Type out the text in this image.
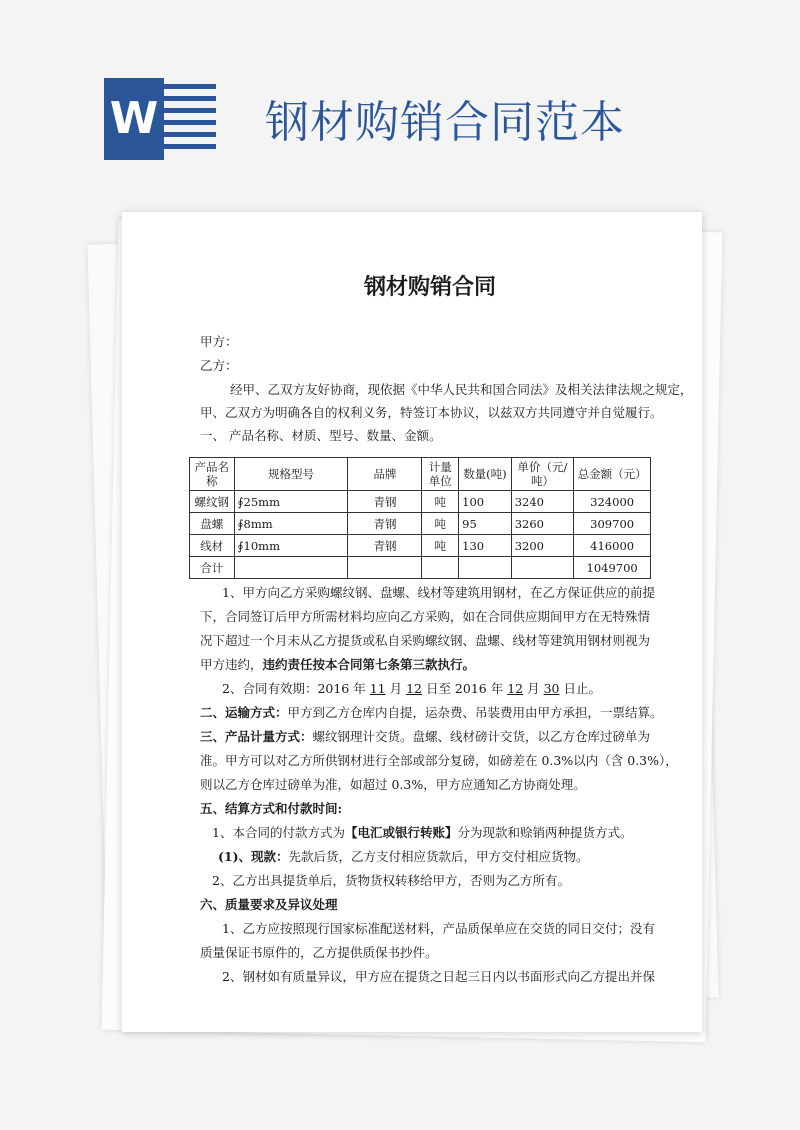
W 钢材购销合同范本
钢材购销合同
甲方：
乙方：
经甲、乙双方友好协商，现依据《中华人民共和国合同法》及相关法律法规之规定，
甲、乙双方为明确各自的权利义务，特签订本协议，以兹双方共同遵守并自觉履行。
一、 产品名称、材质、型号、数量、金额。
产品名称	规格型号	品牌	计量单位	数量(吨)	单价（元/吨）	总金额（元）
螺纹钢	∮25mm	青钢	吨	100	3240	324000
盘螺	∮8mm	青钢	吨	95	3260	309700
线材	∮10mm	青钢	吨	130	3200	416000
合计						1049700
1、甲方向乙方采购螺纹钢、盘螺、线材等建筑用钢材，在乙方保证供应的前提
下，合同签订后甲方所需材料均应向乙方采购，如在合同供应期间甲方在无特殊情
况下超过一个月未从乙方提货或私自采购螺纹钢、盘螺、线材等建筑用钢材则视为
甲方违约，违约责任按本合同第七条第三款执行。
2、合同有效期：2016 年 11 月 12 日至 2016 年 12 月 30 日止。
二、运输方式：甲方到乙方仓库内自提，运杂费、吊装费用由甲方承担，一票结算。
三、产品计量方式：螺纹钢理计交货。盘螺、线材磅计交货，以乙方仓库过磅单为
准。甲方可以对乙方所供钢材进行全部或部分复磅，如磅差在 0.3%以内（含 0.3%），
则以乙方仓库过磅单为准，如超过 0.3%，甲方应通知乙方协商处理。
五、结算方式和付款时间:
1、本合同的付款方式为【电汇或银行转账】分为现款和赊销两种提货方式。
(1)、现款：先款后货，乙方支付相应货款后，甲方交付相应货物。
2、乙方出具提货单后，货物货权转移给甲方，否则为乙方所有。
六、质量要求及异议处理
1、乙方应按照现行国家标准配送材料，产品质保单应在交货的同日交付；没有
质量保证书原件的，乙方提供质保书抄件。
2、钢材如有质量异议，甲方应在提货之日起三日内以书面形式向乙方提出并保
